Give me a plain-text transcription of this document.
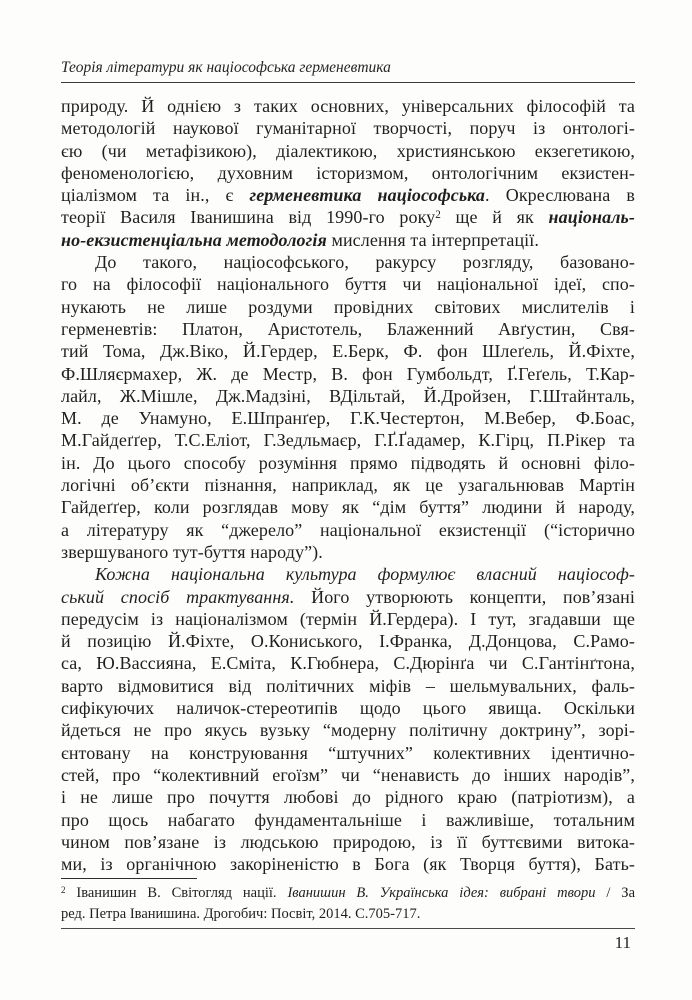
Теорія літератури як націософська герменевтика
природу. Й однією з таких основних, універсальних філософій та
методологій наукової гуманітарної творчості, поруч із онтологі-
єю (чи метафізикою), діалектикою, християнською екзегетикою,
феноменологією, духовним історизмом, онтологічним екзистен-
ціалізмом та ін., є герменевтика націософська. Окреслювана в
теорії Василя Іванишина від 1990-го року$^2$ ще й як національ-
но-екзистенціальна методологія мислення та інтерпретації.
До такого, націософського, ракурсу розгляду, базовано-
го на філософії національного буття чи національної ідеї, спо-
нукають не лише роздуми провідних світових мислителів і
герменевтів: Платон, Аристотель, Блаженний Авґустин, Свя-
тий Тома, Дж.Віко, Й.Гердер, Е.Берк, Ф. фон Шлеґель, Й.Фіхте,
Ф.Шляєрмахер, Ж. де Местр, В. фон Гумбольдт, Ґ.Геґель, Т.Кар-
лайл, Ж.Мішле, Дж.Мадзіні, ВДільтай, Й.Дройзен, Г.Штайнталь,
М. де Унамуно, Е.Шпранґер, Г.К.Честертон, М.Вебер, Ф.Боас,
М.Гайдеґґер, Т.С.Еліот, Г.Зедльмаєр, Г.Ґ.Ґадамер, К.Гірц, П.Рікер та
ін. До цього способу розуміння прямо підводять й основні філо-
логічні об’єкти пізнання, наприклад, як це узагальнював Мартін
Гайдеґґер, коли розглядав мову як “дім буття” людини й народу,
а літературу як “джерело” національної екзистенції (“історично
звершуваного тут-буття народу”).
Кожна національна культура формулює власний націософ-
ський спосіб трактування. Його утворюють концепти, пов’язані
передусім із націоналізмом (термін Й.Гердера). І тут, згадавши ще
й позицію Й.Фіхте, О.Кониського, І.Франка, Д.Донцова, С.Рамо-
са, Ю.Вассияна, Е.Сміта, К.Гюбнера, С.Дюрінґа чи С.Гантінґтона,
варто відмовитися від політичних міфів – шельмувальних, фаль-
сифікуючих наличок-стереотипів щодо цього явища. Оскільки
йдеться не про якусь вузьку “модерну політичну доктрину”, зорі-
єнтовану на конструювання “штучних” колективних ідентично-
стей, про “колективний егоїзм” чи “ненависть до інших народів”,
і не лише про почуття любові до рідного краю (патріотизм), а
про щось набагато фундаментальніше і важливіше, тотальним
чином пов’язане із людською природою, із її буттєвими витока-
ми, із органічною закоріненістю в Бога (як Творця буття), Бать-
$^2$ Іванишин В. Світогляд нації. Іванишин В. Українська ідея: вибрані твори / За
ред. Петра Іванишина. Дрогобич: Посвіт, 2014. С.705-717.
11
